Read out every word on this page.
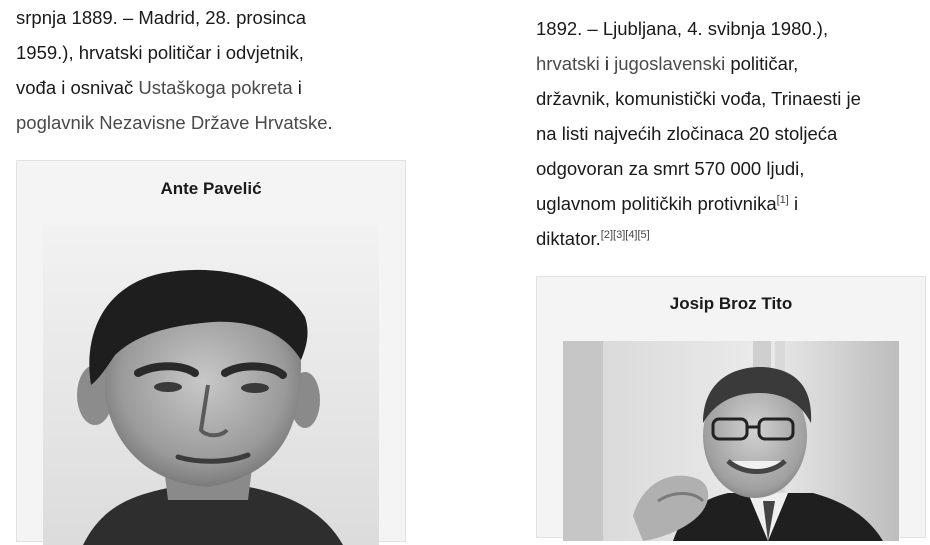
srpnja 1889. – Madrid, 28. prosinca
1959.), hrvatski političar i odvjetnik,
vođa i osnivač Ustaškoga pokreta i
poglavnik Nezavisne Države Hrvatske.

Ante Pavelić

1892. – Ljubljana, 4. svibnja 1980.),
hrvatski i jugoslavenski političar,
državnik, komunistički vođa, Trinaesti je
na listi najvećih zločinaca 20 stoljeća
odgovoran za smrt 570 000 ljudi,
uglavnom političkih protivnika[1] i
diktator.[2][3][4][5]

Josip Broz Tito
